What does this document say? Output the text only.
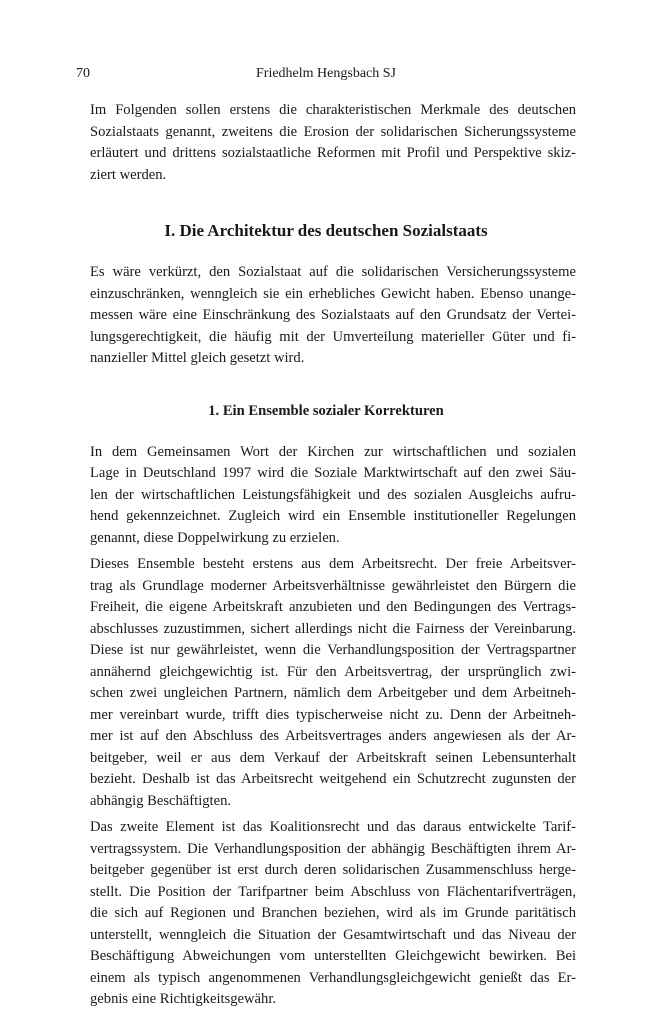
70	Friedhelm Hengsbach SJ

Im Folgenden sollen erstens die charakteristischen Merkmale des deutschen
Sozialstaats genannt, zweitens die Erosion der solidarischen Sicherungssysteme
erläutert und drittens sozialstaatliche Reformen mit Profil und Perspektive skiz-
ziert werden.

I. Die Architektur des deutschen Sozialstaats

Es wäre verkürzt, den Sozialstaat auf die solidarischen Versicherungssysteme
einzuschränken, wenngleich sie ein erhebliches Gewicht haben. Ebenso unange-
messen wäre eine Einschränkung des Sozialstaats auf den Grundsatz der Vertei-
lungsgerechtigkeit, die häufig mit der Umverteilung materieller Güter und fi-
nanzieller Mittel gleich gesetzt wird.

1. Ein Ensemble sozialer Korrekturen

In dem Gemeinsamen Wort der Kirchen zur wirtschaftlichen und sozialen
Lage in Deutschland 1997 wird die Soziale Marktwirtschaft auf den zwei Säu-
len der wirtschaftlichen Leistungsfähigkeit und des sozialen Ausgleichs aufru-
hend gekennzeichnet. Zugleich wird ein Ensemble institutioneller Regelungen
genannt, diese Doppelwirkung zu erzielen.

Dieses Ensemble besteht erstens aus dem Arbeitsrecht. Der freie Arbeitsver-
trag als Grundlage moderner Arbeitsverhältnisse gewährleistet den Bürgern die
Freiheit, die eigene Arbeitskraft anzubieten und den Bedingungen des Vertrags-
abschlusses zuzustimmen, sichert allerdings nicht die Fairness der Vereinbarung.
Diese ist nur gewährleistet, wenn die Verhandlungsposition der Vertragspartner
annähernd gleichgewichtig ist. Für den Arbeitsvertrag, der ursprünglich zwi-
schen zwei ungleichen Partnern, nämlich dem Arbeitgeber und dem Arbeitneh-
mer vereinbart wurde, trifft dies typischerweise nicht zu. Denn der Arbeitneh-
mer ist auf den Abschluss des Arbeitsvertrages anders angewiesen als der Ar-
beitgeber, weil er aus dem Verkauf der Arbeitskraft seinen Lebensunterhalt
bezieht. Deshalb ist das Arbeitsrecht weitgehend ein Schutzrecht zugunsten der
abhängig Beschäftigten.

Das zweite Element ist das Koalitionsrecht und das daraus entwickelte Tarif-
vertragssystem. Die Verhandlungsposition der abhängig Beschäftigten ihrem Ar-
beitgeber gegenüber ist erst durch deren solidarischen Zusammenschluss herge-
stellt. Die Position der Tarifpartner beim Abschluss von Flächentarifverträgen,
die sich auf Regionen und Branchen beziehen, wird als im Grunde paritätisch
unterstellt, wenngleich die Situation der Gesamtwirtschaft und das Niveau der
Beschäftigung Abweichungen vom unterstellten Gleichgewicht bewirken. Bei
einem als typisch angenommenen Verhandlungsgleichgewicht genießt das Er-
gebnis eine Richtigkeitsgewähr.
